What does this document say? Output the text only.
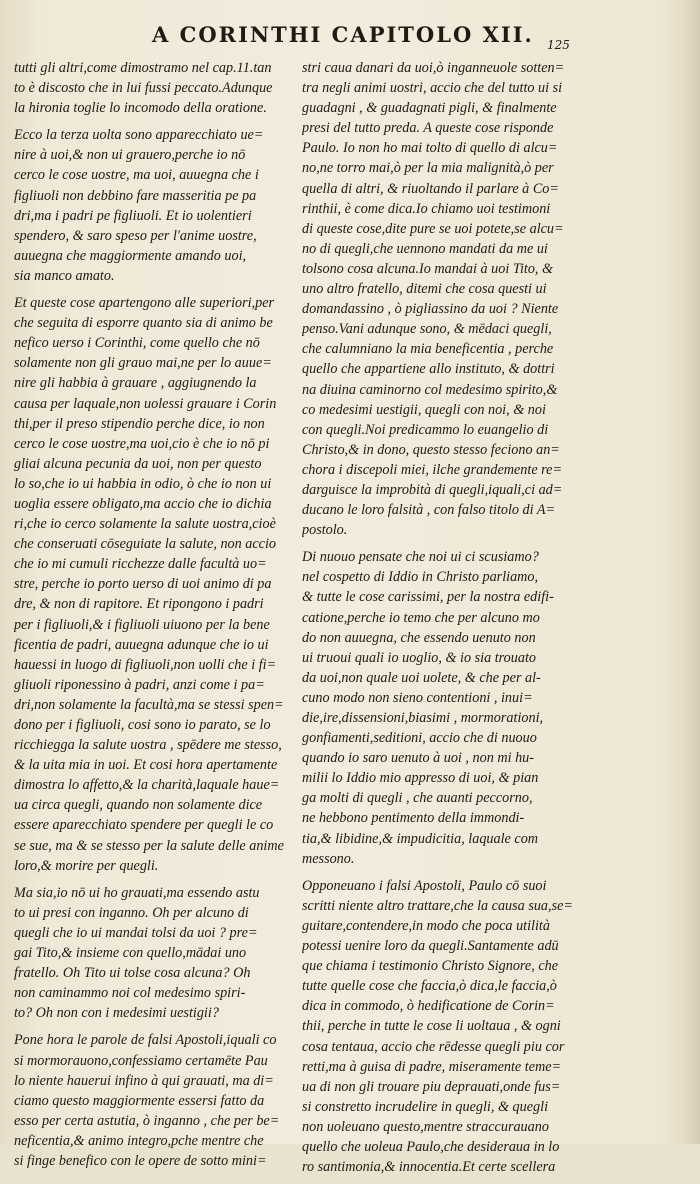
A CORINTHI CAPITOLO XII. 125
tutti gli altri,come dimostramo nel cap.11.tan
to è discosto che in lui fussi peccato.Adunque
la hironia toglie lo incomodo della oratione.
Ecco la terza uolta sono apparecchiato ue=
nire à uoi,& non ui grauero,perche io nō
cerco le cose uostre, ma uoi, auuegna che i
figliuoli non debbino fare masseritia pe pa
dri,ma i padri pe figliuoli. Et io uolentieri
spendero, & saro speso per l'anime uostre,
auuegna che maggiormente amando uoi,
sia manco amato.
Et queste cose apartengono alle superiori,per
che seguita di esporre quanto sia di animo be
nefico uerso i Corinthi, come quello che nō
solamente non gli grauo mai,ne per lo auue=
nire gli habbia à grauare , aggiugnendo la
causa per laquale,non uolessi grauare i Corin
thi,per il preso stipendio perche dice, io non
cerco le cose uostre,ma uoi,cio è che io nō pi
gliai alcuna pecunia da uoi, non per questo
lo so,che io ui habbia in odio, ò che io non ui
uoglia essere obligato,ma accio che io dichia
ri,che io cerco solamente la salute uostra,cioè
che conseruati cōseguiate la salute, non accio
che io mi cumuli ricchezze dalle facultà uo=
stre, perche io porto uerso di uoi animo di pa
dre, & non di rapitore. Et ripongono i padri
per i figliuoli,& i figliuoli uiuono per la bene
ficentia de padri, auuegna adunque che io ui
hauessi in luogo di figliuoli,non uolli che i fi=
gliuoli riponessino à padri, anzi come i pa=
dri,non solamente la facultà,ma se stessi spen=
dono per i figliuoli, cosi sono io parato, se lo
ricchiegga la salute uostra , spēdere me stesso,
& la uita mia in uoi. Et cosi hora apertamente
dimostra lo affetto,& la charità,laquale haue=
ua circa quegli, quando non solamente dice
essere aparecchiato spendere per quegli le co
se sue, ma & se stesso per la salute delle anime
loro,& morire per quegli.
Ma sia,io nō ui ho grauati,ma essendo astu
to ui presi con inganno. Oh per alcuno di
quegli che io ui mandai tolsi da uoi ? pre=
gai Tito,& insieme con quello,mādai uno
fratello. Oh Tito ui tolse cosa alcuna? Oh
non caminammo noi col medesimo spiri-
to? Oh non con i medesimi uestigii?
Pone hora le parole de falsi Apostoli,iquali co
si mormorauono,confessiamo certamēte Pau
lo niente hauerui infino à qui grauati, ma di=
ciamo questo maggiormente essersi fatto da
esso per certa astutia, ò inganno , che per be=
neficentia,& animo integro,pche mentre che
si finge benefico con le opere de sotto mini=
stri caua danari da uoi,ò inganneuole sotten=
tra negli animi uostri, accio che del tutto ui si
guadagni , & guadagnati pigli, & finalmente
presi del tutto preda. A queste cose risponde
Paulo. Io non ho mai tolto di quello di alcu=
no,ne torro mai,ò per la mia malignità,ò per
quella di altri, & riuoltando il parlare à Co=
rinthii, è come dica.Io chiamo uoi testimoni
di queste cose,dite pure se uoi potete,se alcu=
no di quegli,che uennono mandati da me ui
tolsono cosa alcuna.Io mandai à uoi Tito, &
uno altro fratello, ditemi che cosa questi ui
domandassino , ò pigliassino da uoi ? Niente
penso.Vani adunque sono, & mēdaci quegli,
che calumniano la mia beneficentia , perche
quello che appartiene allo instituto, & dottri
na diuina caminorno col medesimo spirito,&
co medesimi uestigii, quegli con noi, & noi
con quegli.Noi predicammo lo euangelio di
Christo,& in dono, questo stesso feciono an=
chora i discepoli miei, ilche grandemente re=
darguisce la improbità di quegli,iquali,ci ad=
ducano le loro falsità , con falso titolo di A=
postolo.
Di nuouo pensate che noi ui ci scusiamo?
nel cospetto di Iddio in Christo parliamo,
& tutte le cose carissimi, per la nostra edifi-
catione,perche io temo che per alcuno mo
do non auuegna, che essendo uenuto non
ui truoui quali io uoglio, & io sia trouato
da uoi,non quale uoi uolete, & che per al-
cuno modo non sieno contentioni , inui=
die,ire,dissensioni,biasimi , mormorationi,
gonfiamenti,seditioni, accio che di nuouo
quando io saro uenuto à uoi , non mi hu-
milii lo Iddio mio appresso di uoi, & pian
ga molti di quegli , che auanti peccorno,
ne hebbono pentimento della immondi-
tia,& libidine,& impudicitia, laquale com
messono.
Opponeuano i falsi Apostoli, Paulo cō suoi
scritti niente altro trattare,che la causa sua,se=
guitare,contendere,in modo che poca utilità
potessi uenire loro da quegli.Santamente adū
que chiama i testimonio Christo Signore, che
tutte quelle cose che faccia,ò dica,le faccia,ò
dica in commodo, ò hedificatione de Corin=
thii, perche in tutte le cose li uoltaua , & ogni
cosa tentaua, accio che rēdesse quegli piu cor
retti,ma à guisa di padre, miseramente teme=
ua di non gli trouare piu deprauati,onde fus=
si constretto incrudelire in quegli, & quegli
non uoleuano questo,mentre straccurauano
quello che uoleua Paulo,che desideraua in lo
ro santimonia,& innocentia.Et certe scellera
